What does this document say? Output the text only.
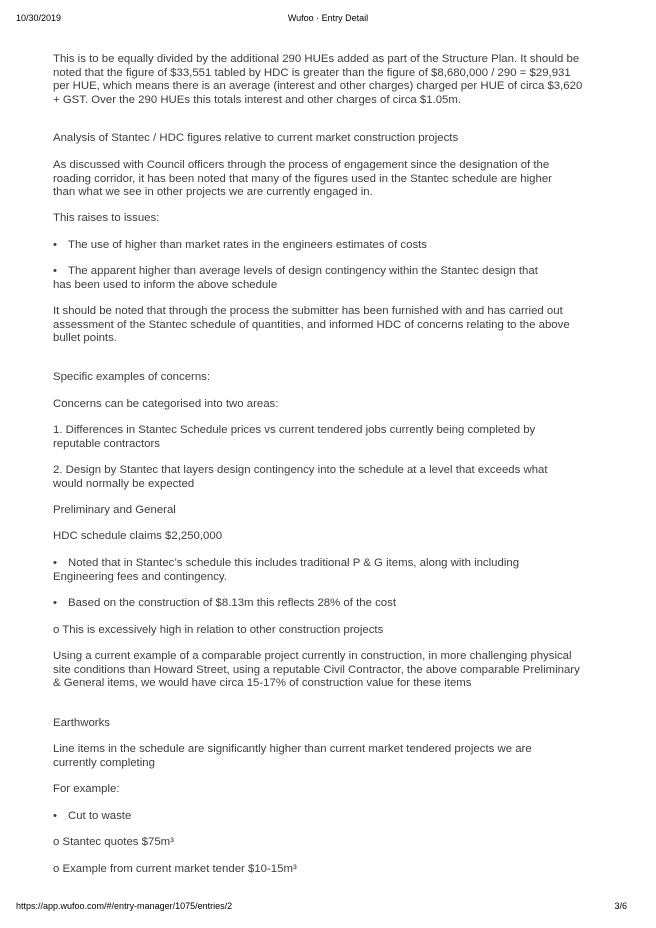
10/30/2019	Wufoo · Entry Detail

This is to be equally divided by the additional 290 HUEs added as part of the Structure Plan. It should be noted that the figure of $33,551 tabled by HDC is greater than the figure of $8,680,000 / 290 = $29,931 per HUE, which means there is an average (interest and other charges) charged per HUE of circa $3,620 + GST. Over the 290 HUEs this totals interest and other charges of circa $1.05m.

Analysis of Stantec / HDC figures relative to current market construction projects

As discussed with Council officers through the process of engagement since the designation of the roading corridor, it has been noted that many of the figures used in the Stantec schedule are higher than what we see in other projects we are currently engaged in.

This raises to issues:

• The use of higher than market rates in the engineers estimates of costs

• The apparent higher than average levels of design contingency within the Stantec design that has been used to inform the above schedule

It should be noted that through the process the submitter has been furnished with and has carried out assessment of the Stantec schedule of quantities, and informed HDC of concerns relating to the above bullet points.

Specific examples of concerns:

Concerns can be categorised into two areas:

1. Differences in Stantec Schedule prices vs current tendered jobs currently being completed by reputable contractors

2. Design by Stantec that layers design contingency into the schedule at a level that exceeds what would normally be expected

Preliminary and General

HDC schedule claims $2,250,000

• Noted that in Stantec’s schedule this includes traditional P & G items, along with including Engineering fees and contingency.

• Based on the construction of $8.13m this reflects 28% of the cost

o This is excessively high in relation to other construction projects

Using a current example of a comparable project currently in construction, in more challenging physical site conditions than Howard Street, using a reputable Civil Contractor, the above comparable Preliminary & General items, we would have circa 15-17% of construction value for these items

Earthworks

Line items in the schedule are significantly higher than current market tendered projects we are currently completing

For example:

• Cut to waste

o Stantec quotes $75m³

o Example from current market tender $10-15m³

https://app.wufoo.com/#/entry-manager/1075/entries/2	3/6
